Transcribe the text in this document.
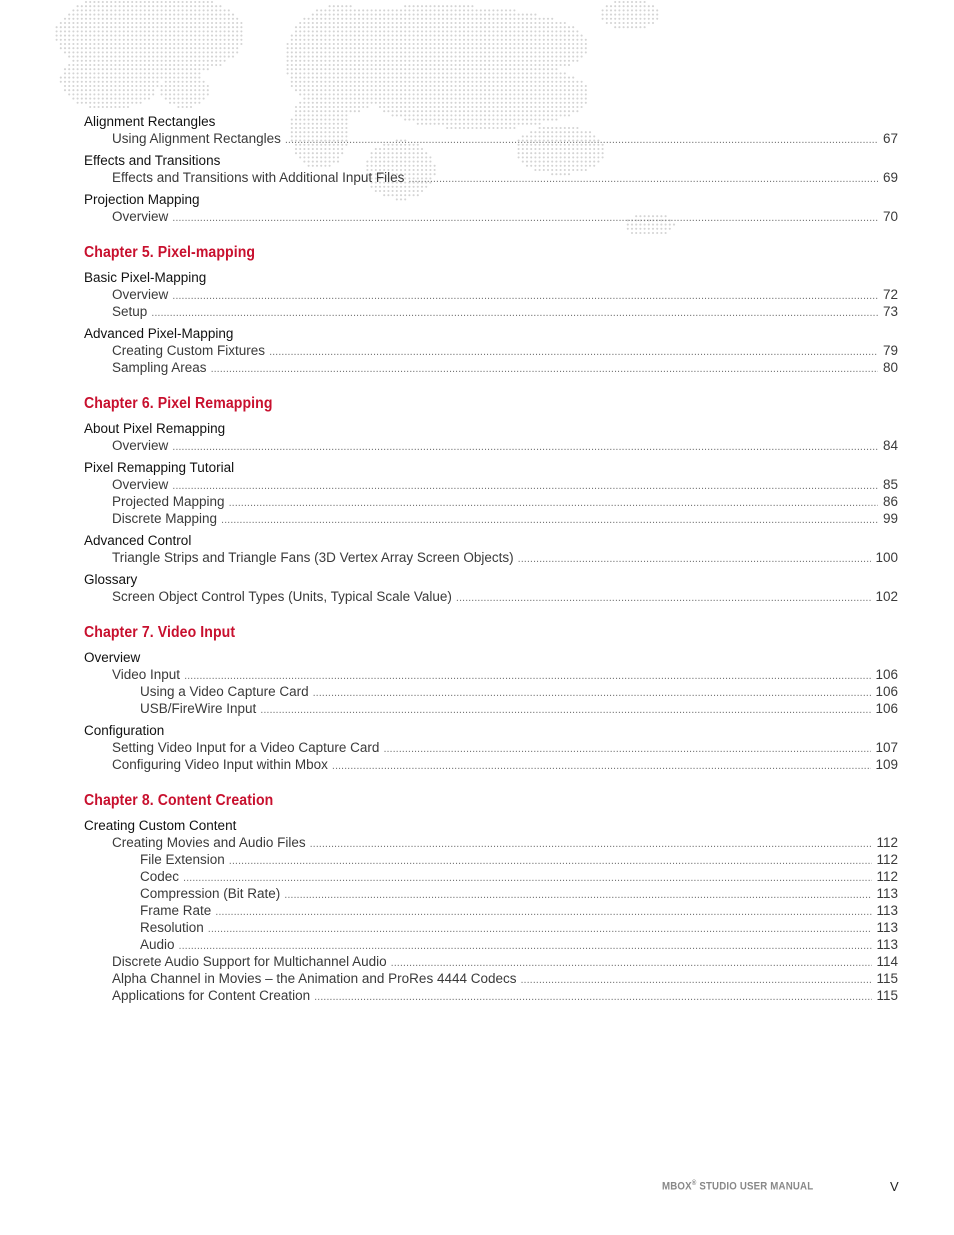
Alignment Rectangles
Using Alignment Rectangles .....	67
Effects and Transitions
Effects and Transitions with Additional Input Files .....	69
Projection Mapping
Overview .....	70
Chapter 5. Pixel-mapping
Basic Pixel-Mapping
Overview .....	72
Setup .....	73
Advanced Pixel-Mapping
Creating Custom Fixtures .....	79
Sampling Areas .....	80
Chapter 6. Pixel Remapping
About Pixel Remapping
Overview .....	84
Pixel Remapping Tutorial
Overview .....	85
Projected Mapping .....	86
Discrete Mapping .....	99
Advanced Control
Triangle Strips and Triangle Fans (3D Vertex Array Screen Objects) .....	100
Glossary
Screen Object Control Types (Units, Typical Scale Value) .....	102
Chapter 7. Video Input
Overview
Video Input .....	106
Using a Video Capture Card .....	106
USB/FireWire Input .....	106
Configuration
Setting Video Input for a Video Capture Card .....	107
Configuring Video Input within Mbox .....	109
Chapter 8. Content Creation
Creating Custom Content
Creating Movies and Audio Files .....	112
File Extension .....	112
Codec .....	112
Compression (Bit Rate) .....	113
Frame Rate .....	113
Resolution .....	113
Audio .....	113
Discrete Audio Support for Multichannel Audio .....	114
Alpha Channel in Movies – the Animation and ProRes 4444 Codecs .....	115
Applications for Content Creation .....	115
MBOX® STUDIO USER MANUAL	V
